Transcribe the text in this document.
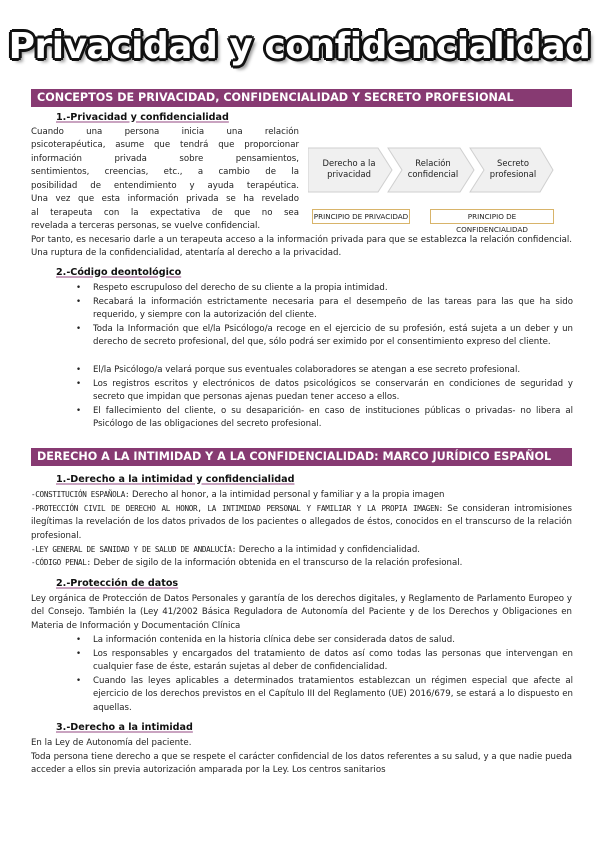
Privacidad y confidencialidad
CONCEPTOS DE PRIVACIDAD, CONFIDENCIALIDAD Y SECRETO PROFESIONAL
1.-Privacidad y confidencialidad
Cuando una persona inicia una relación
psicoterapéutica, asume que tendrá que proporcionar
información privada sobre pensamientos,
sentimientos, creencias, etc., a cambio de la
posibilidad de entendimiento y ayuda terapéutica.
Una vez que esta información privada se ha revelado
al terapeuta con la expectativa de que no sea
revelada a terceras personas, se vuelve confidencial.
Derecho a la privacidad
Relación confidencial
Secreto profesional
PRINCIPIO DE PRIVACIDAD	PRINCIPIO DE CONFIDENCIALIDAD
Por tanto, es necesario darle a un terapeuta acceso a la información privada para que se establezca la relación confidencial. Una ruptura de la confidencialidad, atentaría al derecho a la privacidad.
2.-Código deontológico
• Respeto escrupuloso del derecho de su cliente a la propia intimidad.
• Recabará la información estrictamente necesaria para el desempeño de las tareas para las que ha sido requerido, y siempre con la autorización del cliente.
• Toda la Información que el/la Psicólogo/a recoge en el ejercicio de su profesión, está sujeta a un deber y un derecho de secreto profesional, del que, sólo podrá ser eximido por el consentimiento expreso del cliente.
• El/la Psicólogo/a velará porque sus eventuales colaboradores se atengan a ese secreto profesional.
• Los registros escritos y electrónicos de datos psicológicos se conservarán en condiciones de seguridad y secreto que impidan que personas ajenas puedan tener acceso a ellos.
• El fallecimiento del cliente, o su desaparición- en caso de instituciones públicas o privadas- no libera al Psicólogo de las obligaciones del secreto profesional.
DERECHO A LA INTIMIDAD Y A LA CONFIDENCIALIDAD: MARCO JURÍDICO ESPAÑOL
1.-Derecho a la intimidad y confidencialidad
-CONSTITUCIÓN ESPAÑOLA: Derecho al honor, a la intimidad personal y familiar y a la propia imagen
-PROTECCIÓN CIVIL DE DERECHO AL HONOR, LA INTIMIDAD PERSONAL Y FAMILIAR Y LA PROPIA IMAGEN: Se consideran intromisiones ilegítimas la revelación de los datos privados de los pacientes o allegados de éstos, conocidos en el transcurso de la relación profesional.
-LEY GENERAL DE SANIDAD Y DE SALUD DE ANDALUCÍA: Derecho a la intimidad y confidencialidad.
-CÓDIGO PENAL: Deber de sigilo de la información obtenida en el transcurso de la relación profesional.
2.-Protección de datos
Ley orgánica de Protección de Datos Personales y garantía de los derechos digitales, y Reglamento de Parlamento Europeo y del Consejo. También la (Ley 41/2002 Básica Reguladora de Autonomía del Paciente y de los Derechos y Obligaciones en Materia de Información y Documentación Clínica
• La información contenida en la historia clínica debe ser considerada datos de salud.
• Los responsables y encargados del tratamiento de datos así como todas las personas que intervengan en cualquier fase de éste, estarán sujetas al deber de confidencialidad.
• Cuando las leyes aplicables a determinados tratamientos establezcan un régimen especial que afecte al ejercicio de los derechos previstos en el Capítulo III del Reglamento (UE) 2016/679, se estará a lo dispuesto en aquellas.
3.-Derecho a la intimidad
En la Ley de Autonomía del paciente.
Toda persona tiene derecho a que se respete el carácter confidencial de los datos referentes a su salud, y a que nadie pueda acceder a ellos sin previa autorización amparada por la Ley. Los centros sanitarios
